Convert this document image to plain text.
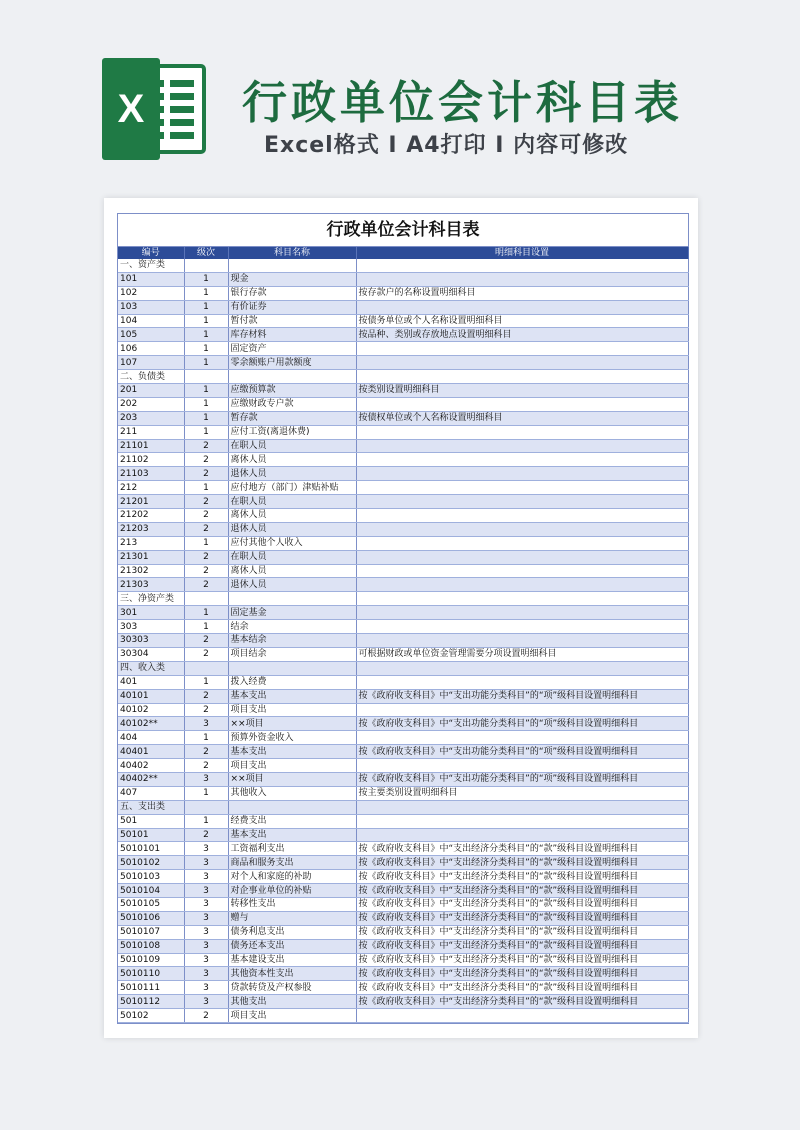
X 行政单位会计科目表
Excel格式 I A4打印 I 内容可修改
行政单位会计科目表
编号	级次	科目名称	明细科目设置
一、资产类			
101	1	现金	
102	1	银行存款	按存款户的名称设置明细科目
103	1	有价证券	
104	1	暂付款	按债务单位或个人名称设置明细科目
105	1	库存材料	按品种、类别或存放地点设置明细科目
106	1	固定资产	
107	1	零余额账户用款额度	
二、负债类			
201	1	应缴预算款	按类别设置明细科目
202	1	应缴财政专户款	
203	1	暂存款	按债权单位或个人名称设置明细科目
211	1	应付工资(离退休费)	
21101	2	在职人员	
21102	2	离休人员	
21103	2	退休人员	
212	1	应付地方（部门）津贴补贴	
21201	2	在职人员	
21202	2	离休人员	
21203	2	退休人员	
213	1	应付其他个人收入	
21301	2	在职人员	
21302	2	离休人员	
21303	2	退休人员	
三、净资产类			
301	1	固定基金	
303	1	结余	
30303	2	基本结余	
30304	2	项目结余	可根据财政或单位资金管理需要分项设置明细科目
四、收入类			
401	1	拨入经费	
40101	2	基本支出	按《政府收支科目》中“支出功能分类科目”的“项”级科目设置明细科目
40102	2	项目支出	
40102**	3	××项目	按《政府收支科目》中“支出功能分类科目”的“项”级科目设置明细科目
404	1	预算外资金收入	
40401	2	基本支出	按《政府收支科目》中“支出功能分类科目”的“项”级科目设置明细科目
40402	2	项目支出	
40402**	3	××项目	按《政府收支科目》中“支出功能分类科目”的“项”级科目设置明细科目
407	1	其他收入	按主要类别设置明细科目
五、支出类			
501	1	经费支出	
50101	2	基本支出	
5010101	3	工资福利支出	按《政府收支科目》中“支出经济分类科目”的“款”级科目设置明细科目
5010102	3	商品和服务支出	按《政府收支科目》中“支出经济分类科目”的“款”级科目设置明细科目
5010103	3	对个人和家庭的补助	按《政府收支科目》中“支出经济分类科目”的“款”级科目设置明细科目
5010104	3	对企事业单位的补贴	按《政府收支科目》中“支出经济分类科目”的“款”级科目设置明细科目
5010105	3	转移性支出	按《政府收支科目》中“支出经济分类科目”的“款”级科目设置明细科目
5010106	3	赠与	按《政府收支科目》中“支出经济分类科目”的“款”级科目设置明细科目
5010107	3	债务利息支出	按《政府收支科目》中“支出经济分类科目”的“款”级科目设置明细科目
5010108	3	债务还本支出	按《政府收支科目》中“支出经济分类科目”的“款”级科目设置明细科目
5010109	3	基本建设支出	按《政府收支科目》中“支出经济分类科目”的“款”级科目设置明细科目
5010110	3	其他资本性支出	按《政府收支科目》中“支出经济分类科目”的“款”级科目设置明细科目
5010111	3	贷款转贷及产权参股	按《政府收支科目》中“支出经济分类科目”的“款”级科目设置明细科目
5010112	3	其他支出	按《政府收支科目》中“支出经济分类科目”的“款”级科目设置明细科目
50102	2	项目支出	
